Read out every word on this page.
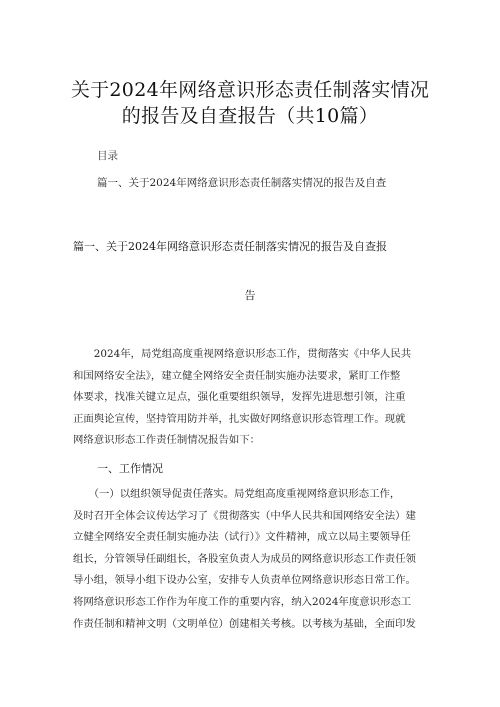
关于2024年网络意识形态责任制落实情况
的报告及自查报告（共10篇）
目录
篇一、关于2024年网络意识形态责任制落实情况的报告及自查
篇一、关于2024年网络意识形态责任制落实情况的报告及自查报
告
　　2024年，局党组高度重视网络意识形态工作，贯彻落实《中华人民共
和国网络安全法》，建立健全网络安全责任制实施办法要求，紧盯工作整
体要求，找准关键立足点，强化重要组织领导，发挥先进思想引领，注重
正面舆论宣传，坚持管用防并举，扎实做好网络意识形态管理工作。现就
网络意识形态工作责任制情况报告如下：
一、工作情况
　　（一）以组织领导促责任落实。局党组高度重视网络意识形态工作，
及时召开全体会议传达学习了《贯彻落实（中华人民共和国网络安全法）建
立健全网络安全责任制实施办法（试行）》文件精神，成立以局主要领导任
组长，分管领导任副组长，各股室负责人为成员的网络意识形态工作责任领
导小组，领导小组下设办公室，安排专人负责单位网络意识形态日常工作。
将网络意识形态工作作为年度工作的重要内容，纳入2024年度意识形态工
作责任制和精神文明（文明单位）创建相关考核。以考核为基础，全面印发
